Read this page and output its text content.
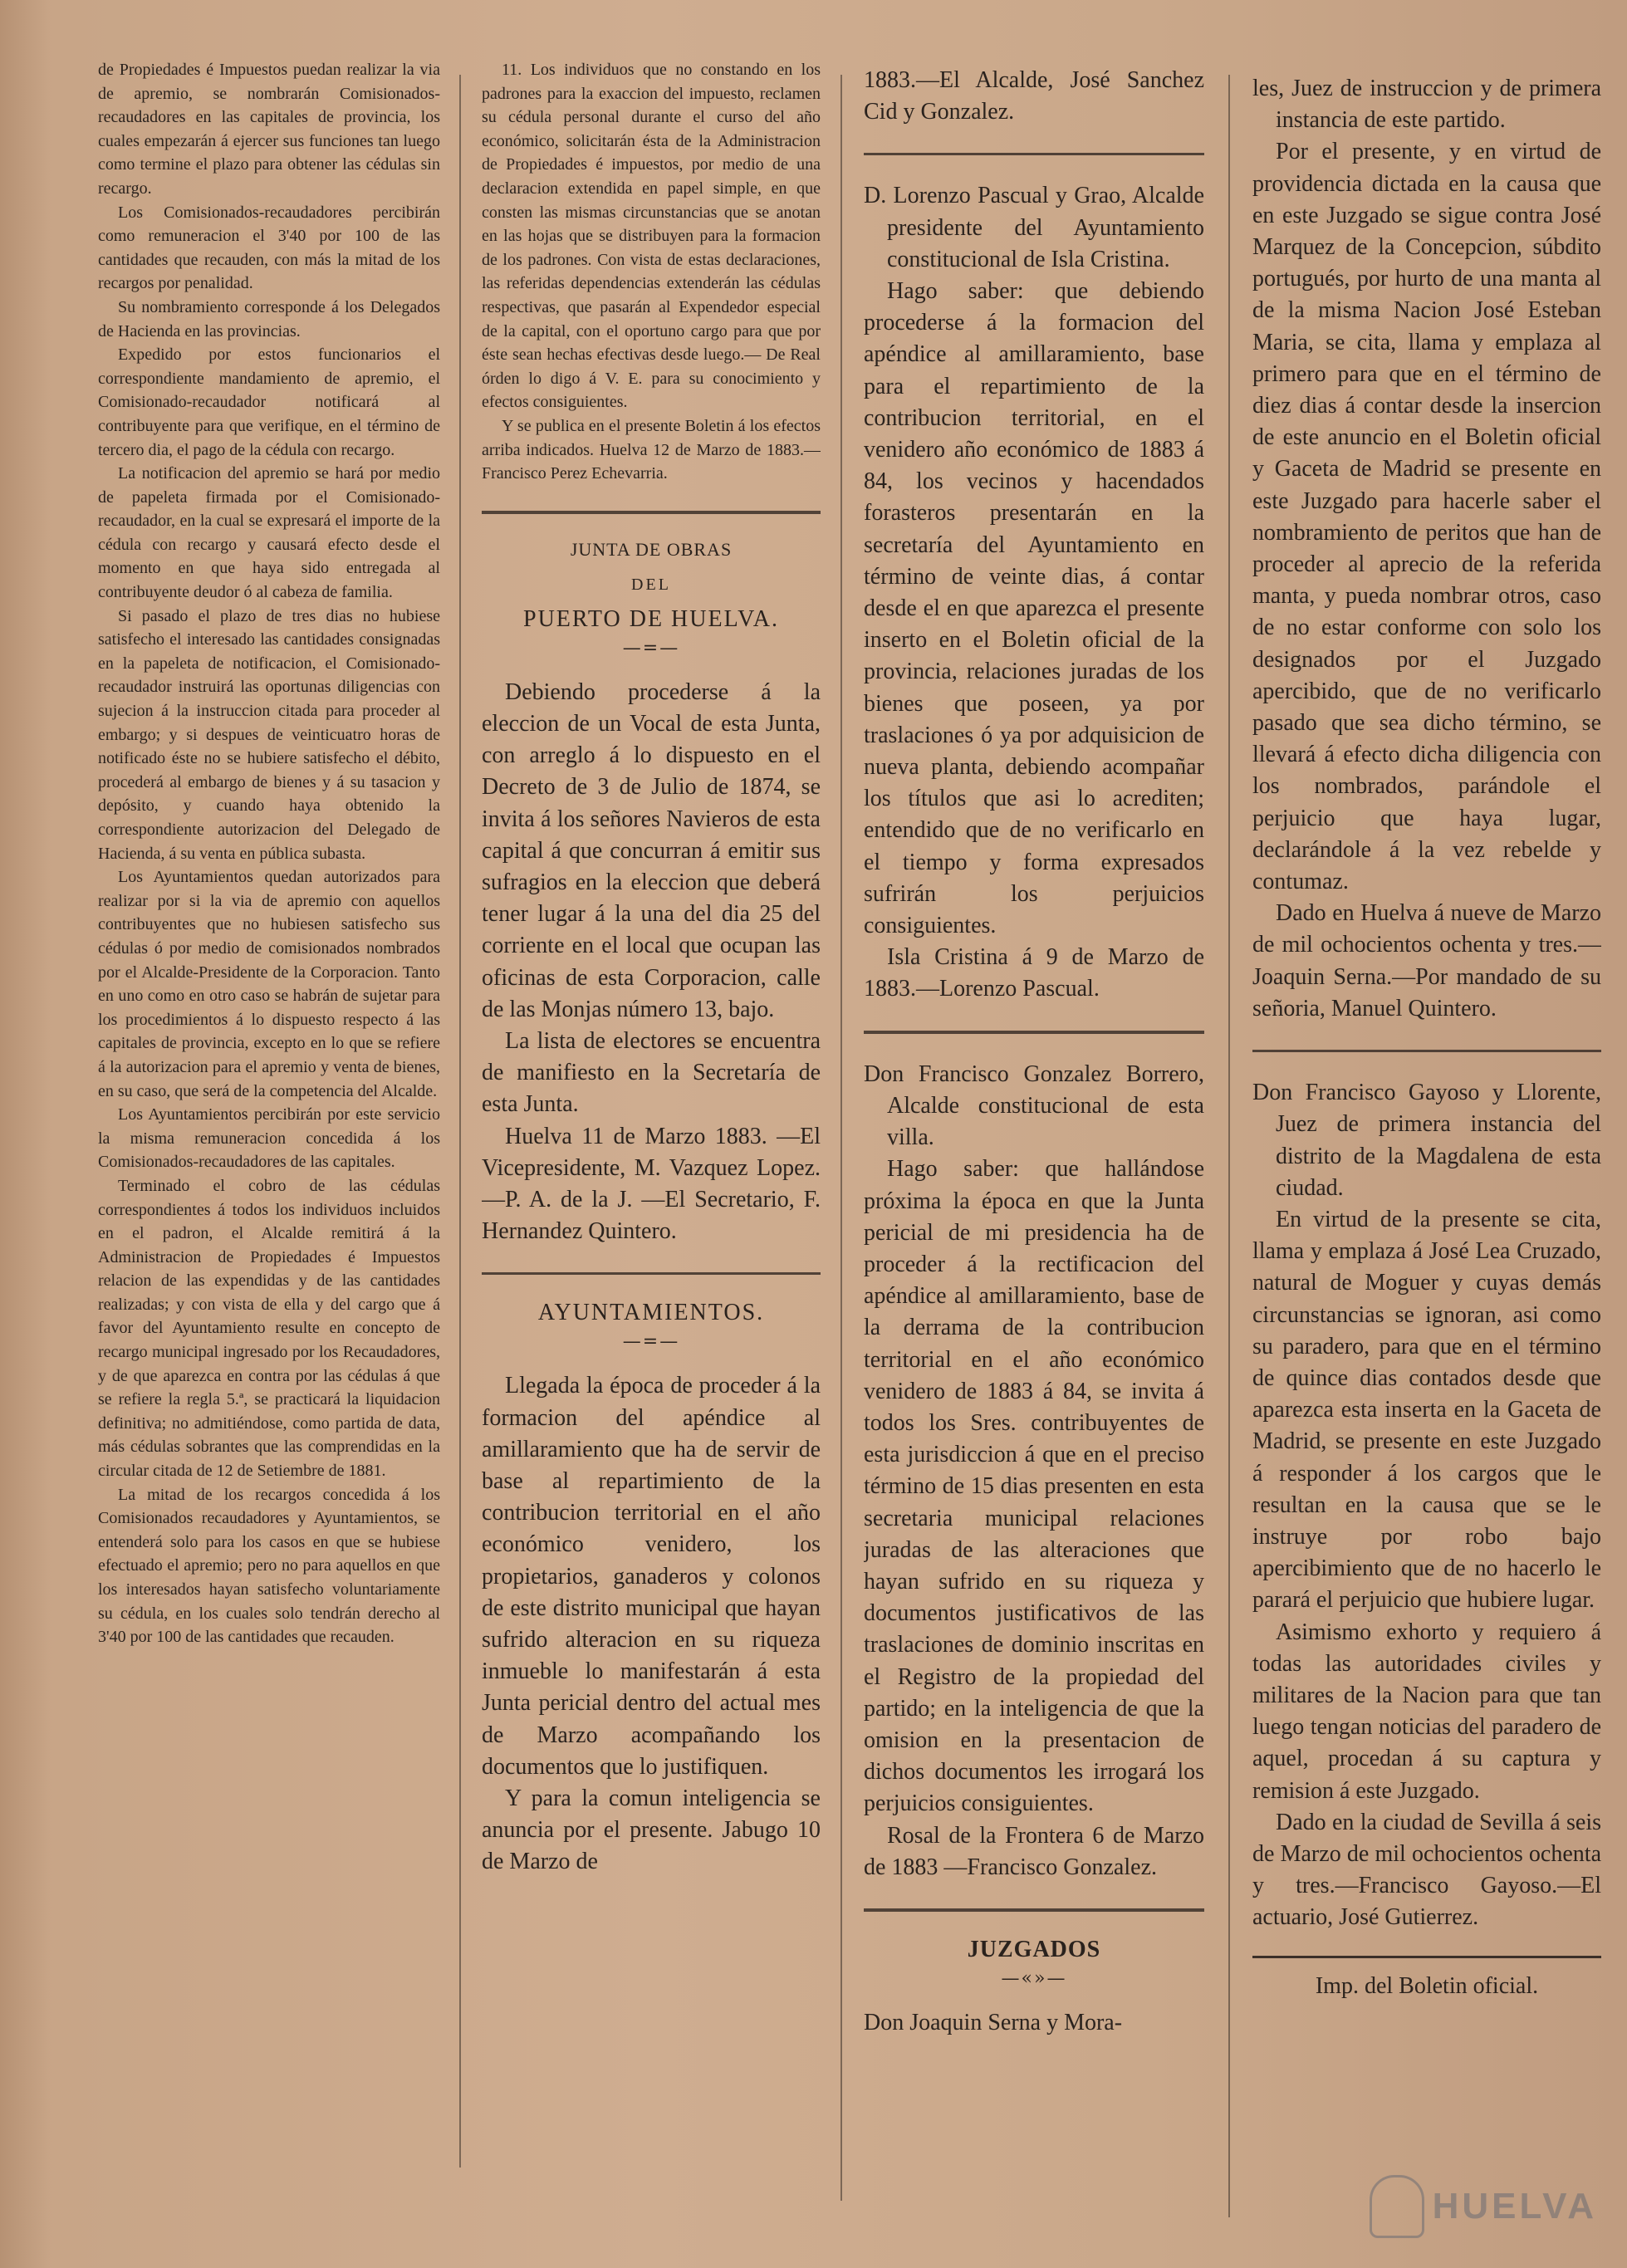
de Propiedades é Impuestos puedan realizar la via de apremio, se nombrarán Comisionados-recaudadores en las capitales de provincia, los cuales empezarán á ejercer sus funciones tan luego como termine el plazo para obtener las cédulas sin recargo.

Los Comisionados-recaudadores percibirán como remuneracion el 3'40 por 100 de las cantidades que recauden, con más la mitad de los recargos por penalidad.

Su nombramiento corresponde á los Delegados de Hacienda en las provincias.

Expedido por estos funcionarios el correspondiente mandamiento de apremio, el Comisionado-recaudador notificará al contribuyente para que verifique, en el término de tercero dia, el pago de la cédula con recargo.

La notificacion del apremio se hará por medio de papeleta firmada por el Comisionado-recaudador, en la cual se expresará el importe de la cédula con recargo y causará efecto desde el momento en que haya sido entregada al contribuyente deudor ó al cabeza de familia.

Si pasado el plazo de tres dias no hubiese satisfecho el interesado las cantidades consignadas en la papeleta de notificacion, el Comisionado-recaudador instruirá las oportunas diligencias con sujecion á la instruccion citada para proceder al embargo; y si despues de veinticuatro horas de notificado éste no se hubiere satisfecho el débito, procederá al embargo de bienes y á su tasacion y depósito, y cuando haya obtenido la correspondiente autorizacion del Delegado de Hacienda, á su venta en pública subasta.

Los Ayuntamientos quedan autorizados para realizar por si la via de apremio con aquellos contribuyentes que no hubiesen satisfecho sus cédulas ó por medio de comisionados nombrados por el Alcalde-Presidente de la Corporacion. Tanto en uno como en otro caso se habrán de sujetar para los procedimientos á lo dispuesto respecto á las capitales de provincia, excepto en lo que se refiere á la autorizacion para el apremio y venta de bienes, en su caso, que será de la competencia del Alcalde.

Los Ayuntamientos percibirán por este servicio la misma remuneracion concedida á los Comisionados-recaudadores de las capitales.

Terminado el cobro de las cédulas correspondientes á todos los individuos incluidos en el padron, el Alcalde remitirá á la Administracion de Propiedades é Impuestos relacion de las expendidas y de las cantidades realizadas; y con vista de ella y del cargo que á favor del Ayuntamiento resulte en concepto de recargo municipal ingresado por los Recaudadores, y de que aparezca en contra por las cédulas á que se refiere la regla 5.ª, se practicará la liquidacion definitiva; no admitiéndose, como partida de data, más cédulas sobrantes que las comprendidas en la circular citada de 12 de Setiembre de 1881.

La mitad de los recargos concedida á los Comisionados recaudadores y Ayuntamientos, se entenderá solo para los casos en que se hubiese efectuado el apremio; pero no para aquellos en que los interesados hayan satisfecho voluntariamente su cédula, en los cuales solo tendrán derecho al 3'40 por 100 de las cantidades que recauden.

11. Los individuos que no constando en los padrones para la exaccion del impuesto, reclamen su cédula personal durante el curso del año económico, solicitarán ésta de la Administracion de Propiedades é impuestos, por medio de una declaracion extendida en papel simple, en que consten las mismas circunstancias que se anotan en las hojas que se distribuyen para la formacion de los padrones. Con vista de estas declaraciones, las referidas dependencias extenderán las cédulas respectivas, que pasarán al Expendedor especial de la capital, con el oportuno cargo para que por éste sean hechas efectivas desde luego.— De Real órden lo digo á V. E. para su conocimiento y efectos consiguientes.

Y se publica en el presente Boletin á los efectos arriba indicados. Huelva 12 de Marzo de 1883.—Francisco Perez Echevarria.

JUNTA DE OBRAS
DEL
PUERTO DE HUELVA.
—=—

Debiendo procederse á la eleccion de un Vocal de esta Junta, con arreglo á lo dispuesto en el Decreto de 3 de Julio de 1874, se invita á los señores Navieros de esta capital á que concurran á emitir sus sufragios en la eleccion que deberá tener lugar á la una del dia 25 del corriente en el local que ocupan las oficinas de esta Corporacion, calle de las Monjas número 13, bajo.

La lista de electores se encuentra de manifiesto en la Secretaría de esta Junta.

Huelva 11 de Marzo 1883. —El Vicepresidente, M. Vazquez Lopez.—P. A. de la J. —El Secretario, F. Hernandez Quintero.

AYUNTAMIENTOS.
—=—

Llegada la época de proceder á la formacion del apéndice al amillaramiento que ha de servir de base al repartimiento de la contribucion territorial en el año económico venidero, los propietarios, ganaderos y colonos de este distrito municipal que hayan sufrido alteracion en su riqueza inmueble lo manifestarán á esta Junta pericial dentro del actual mes de Marzo acompañando los documentos que lo justifiquen.

Y para la comun inteligencia se anuncia por el presente. Jabugo 10 de Marzo de

1883.—El Alcalde, José Sanchez Cid y Gonzalez.

D. Lorenzo Pascual y Grao, Alcalde presidente del Ayuntamiento constitucional de Isla Cristina.

Hago saber: que debiendo procederse á la formacion del apéndice al amillaramiento, base para el repartimiento de la contribucion territorial, en el venidero año económico de 1883 á 84, los vecinos y hacendados forasteros presentarán en la secretaría del Ayuntamiento en término de veinte dias, á contar desde el en que aparezca el presente inserto en el Boletin oficial de la provincia, relaciones juradas de los bienes que poseen, ya por traslaciones ó ya por adquisicion de nueva planta, debiendo acompañar los títulos que asi lo acrediten; entendido que de no verificarlo en el tiempo y forma expresados sufrirán los perjuicios consiguientes.

Isla Cristina á 9 de Marzo de 1883.—Lorenzo Pascual.

Don Francisco Gonzalez Borrero, Alcalde constitucional de esta villa.

Hago saber: que hallándose próxima la época en que la Junta pericial de mi presidencia ha de proceder á la rectificacion del apéndice al amillaramiento, base de la derrama de la contribucion territorial en el año económico venidero de 1883 á 84, se invita á todos los Sres. contribuyentes de esta jurisdiccion á que en el preciso término de 15 dias presenten en esta secretaria municipal relaciones juradas de las alteraciones que hayan sufrido en su riqueza y documentos justificativos de las traslaciones de dominio inscritas en el Registro de la propiedad del partido; en la inteligencia de que la omision en la presentacion de dichos documentos les irrogará los perjuicios consiguientes.

Rosal de la Frontera 6 de Marzo de 1883 —Francisco Gonzalez.

JUZGADOS
—«»—

Don Joaquin Serna y Mora-

les, Juez de instruccion y de primera instancia de este partido.

Por el presente, y en virtud de providencia dictada en la causa que en este Juzgado se sigue contra José Marquez de la Concepcion, súbdito portugués, por hurto de una manta al de la misma Nacion José Esteban Maria, se cita, llama y emplaza al primero para que en el término de diez dias á contar desde la insercion de este anuncio en el Boletin oficial y Gaceta de Madrid se presente en este Juzgado para hacerle saber el nombramiento de peritos que han de proceder al aprecio de la referida manta, y pueda nombrar otros, caso de no estar conforme con solo los designados por el Juzgado apercibido, que de no verificarlo pasado que sea dicho término, se llevará á efecto dicha diligencia con los nombrados, parándole el perjuicio que haya lugar, declarándole á la vez rebelde y contumaz.

Dado en Huelva á nueve de Marzo de mil ochocientos ochenta y tres.—Joaquin Serna.—Por mandado de su señoria, Manuel Quintero.

Don Francisco Gayoso y Llorente, Juez de primera instancia del distrito de la Magdalena de esta ciudad.

En virtud de la presente se cita, llama y emplaza á José Lea Cruzado, natural de Moguer y cuyas demás circunstancias se ignoran, asi como su paradero, para que en el término de quince dias contados desde que aparezca esta inserta en la Gaceta de Madrid, se presente en este Juzgado á responder á los cargos que le resultan en la causa que se le instruye por robo bajo apercibimiento que de no hacerlo le parará el perjuicio que hubiere lugar.

Asimismo exhorto y requiero á todas las autoridades civiles y militares de la Nacion para que tan luego tengan noticias del paradero de aquel, procedan á su captura y remision á este Juzgado.

Dado en la ciudad de Sevilla á seis de Marzo de mil ochocientos ochenta y tres.—Francisco Gayoso.—El actuario, José Gutierrez.

Imp. del Boletin oficial.
HUELVA
